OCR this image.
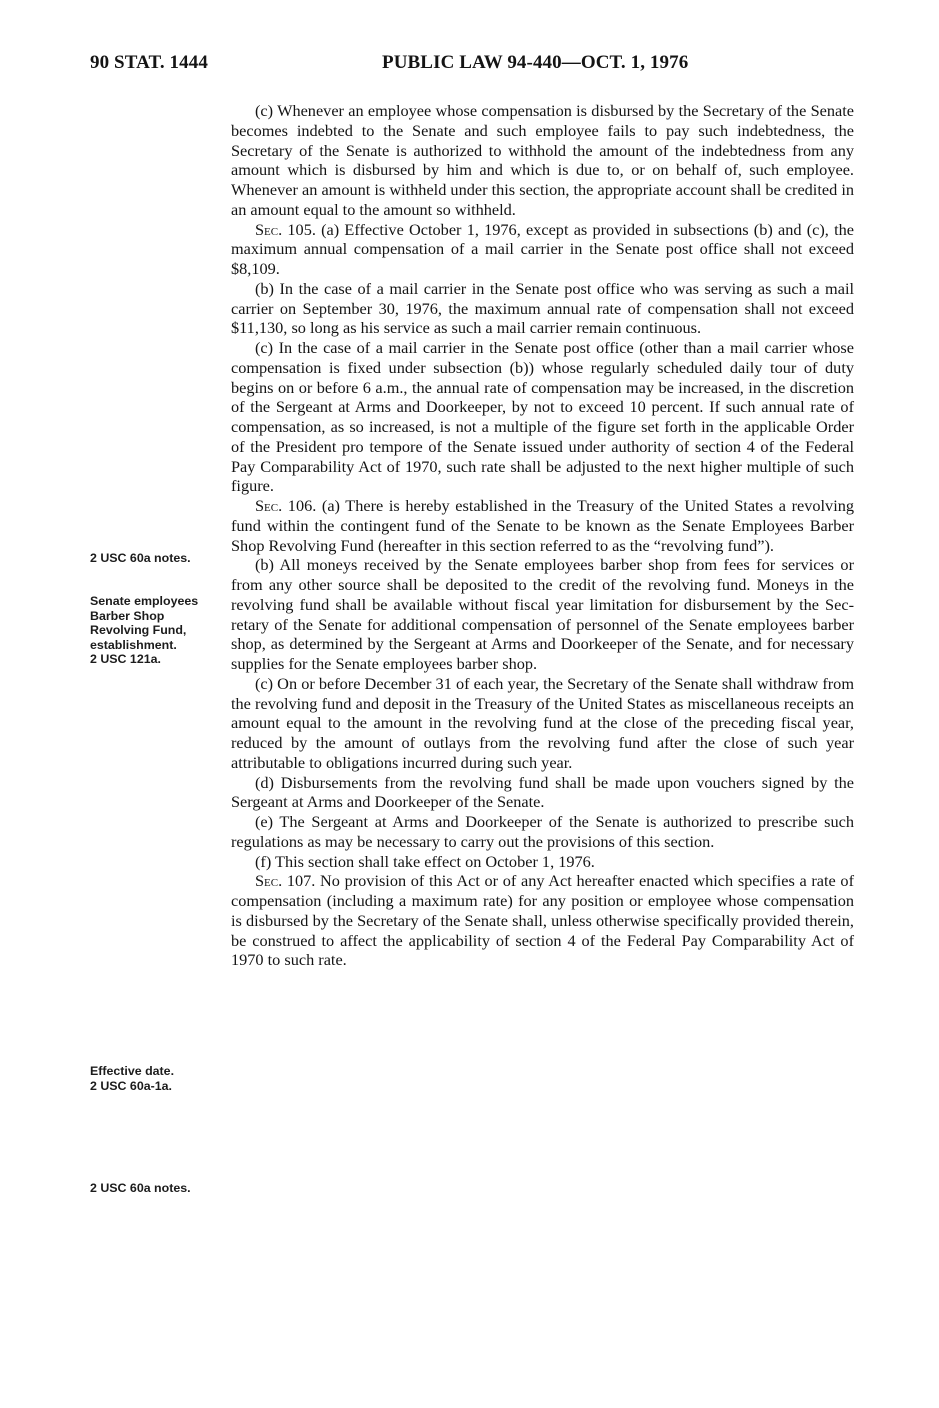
90 STAT. 1444	PUBLIC LAW 94-440—OCT. 1, 1976
2 USC 60a notes.
Senate employees
Barber Shop
Revolving Fund,
establishment.
2 USC 121a.
Effective date.
2 USC 60a-1a.
2 USC 60a notes.

(c) Whenever an employee whose compensation is disbursed by the Secretary of the Senate becomes indebted to the Senate and such employee fails to pay such indebtedness, the Secretary of the Senate is authorized to withhold the amount of the indebtedness from any amount which is disbursed by him and which is due to, or on behalf of, such employee. Whenever an amount is withheld under this section, the appropriate account shall be credited in an amount equal to the amount so withheld.

Sec. 105. (a) Effective October 1, 1976, except as provided in subsections (b) and (c), the maximum annual compensation of a mail carrier in the Senate post office shall not exceed $8,109.

(b) In the case of a mail carrier in the Senate post office who was serving as such a mail carrier on September 30, 1976, the maximum annual rate of compensation shall not exceed $11,130, so long as his service as such a mail carrier remain continuous.

(c) In the case of a mail carrier in the Senate post office (other than a mail carrier whose compensation is fixed under subsection (b)) whose regularly scheduled daily tour of duty begins on or before 6 a.m., the annual rate of compensation may be increased, in the discretion of the Sergeant at Arms and Doorkeeper, by not to exceed 10 percent. If such annual rate of compensation, as so increased, is not a multiple of the figure set forth in the applicable Order of the President pro tempore of the Senate issued under authority of section 4 of the Federal Pay Comparability Act of 1970, such rate shall be adjusted to the next higher multiple of such figure.

Sec. 106. (a) There is hereby established in the Treasury of the United States a revolving fund within the contingent fund of the Senate to be known as the Senate Employees Barber Shop Revolving Fund (hereafter in this section referred to as the “revolving fund”).

(b) All moneys received by the Senate employees barber shop from fees for services or from any other source shall be deposited to the credit of the revolving fund. Moneys in the revolving fund shall be available without fiscal year limitation for disbursement by the Secretary of the Senate for additional compensation of personnel of the Senate employees barber shop, as determined by the Sergeant at Arms and Doorkeeper of the Senate, and for necessary supplies for the Senate employees barber shop.

(c) On or before December 31 of each year, the Secretary of the Senate shall withdraw from the revolving fund and deposit in the Treasury of the United States as miscellaneous receipts an amount equal to the amount in the revolving fund at the close of the preceding fiscal year, reduced by the amount of outlays from the revolving fund after the close of such year attributable to obligations incurred during such year.

(d) Disbursements from the revolving fund shall be made upon vouchers signed by the Sergeant at Arms and Doorkeeper of the Senate.

(e) The Sergeant at Arms and Doorkeeper of the Senate is authorized to prescribe such regulations as may be necessary to carry out the provisions of this section.

(f) This section shall take effect on October 1, 1976.

Sec. 107. No provision of this Act or of any Act hereafter enacted which specifies a rate of compensation (including a maximum rate) for any position or employee whose compensation is disbursed by the Secretary of the Senate shall, unless otherwise specifically provided therein, be construed to affect the applicability of section 4 of the Federal Pay Comparability Act of 1970 to such rate.
